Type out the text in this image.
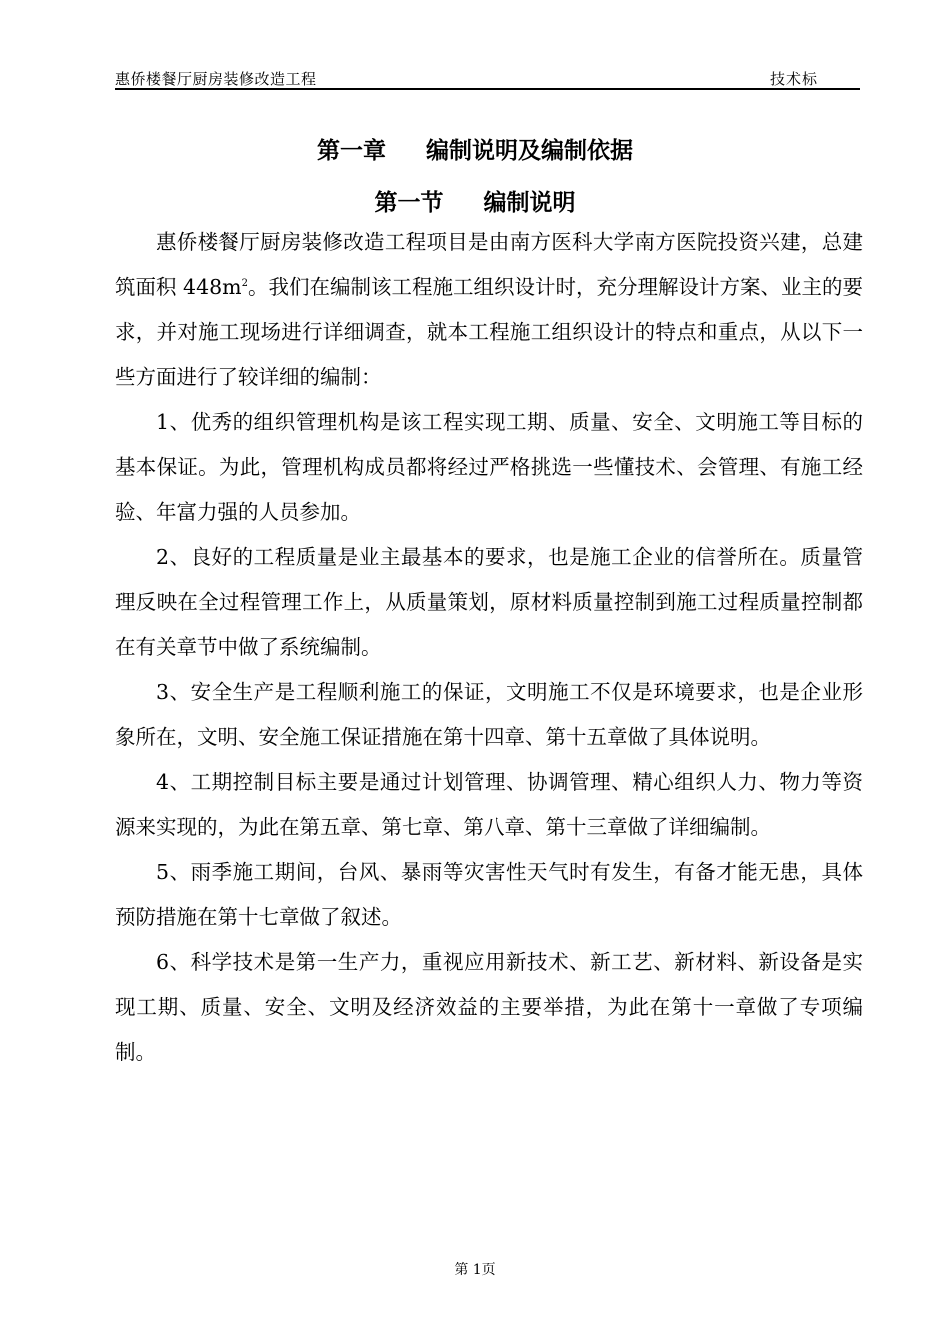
惠侨楼餐厅厨房装修改造工程	技术标
第一章 编制说明及编制依据
第一节 编制说明

惠侨楼餐厅厨房装修改造工程项目是由南方医科大学南方医院投资兴建，总建筑面积 $448m^2$。我们在编制该工程施工组织设计时，充分理解设计方案、业主的要求，并对施工现场进行详细调查，就本工程施工组织设计的特点和重点，从以下一些方面进行了较详细的编制：

1、优秀的组织管理机构是该工程实现工期、质量、安全、文明施工等目标的基本保证。为此，管理机构成员都将经过严格挑选一些懂技术、会管理、有施工经验、年富力强的人员参加。

2、良好的工程质量是业主最基本的要求，也是施工企业的信誉所在。质量管理反映在全过程管理工作上，从质量策划，原材料质量控制到施工过程质量控制都在有关章节中做了系统编制。

3、安全生产是工程顺利施工的保证，文明施工不仅是环境要求，也是企业形象所在，文明、安全施工保证措施在第十四章、第十五章做了具体说明。

4、工期控制目标主要是通过计划管理、协调管理、精心组织人力、物力等资源来实现的，为此在第五章、第七章、第八章、第十三章做了详细编制。

5、雨季施工期间，台风、暴雨等灾害性天气时有发生，有备才能无患，具体预防措施在第十七章做了叙述。

6、科学技术是第一生产力，重视应用新技术、新工艺、新材料、新设备是实现工期、质量、安全、文明及经济效益的主要举措，为此在第十一章做了专项编制。

第 1页
